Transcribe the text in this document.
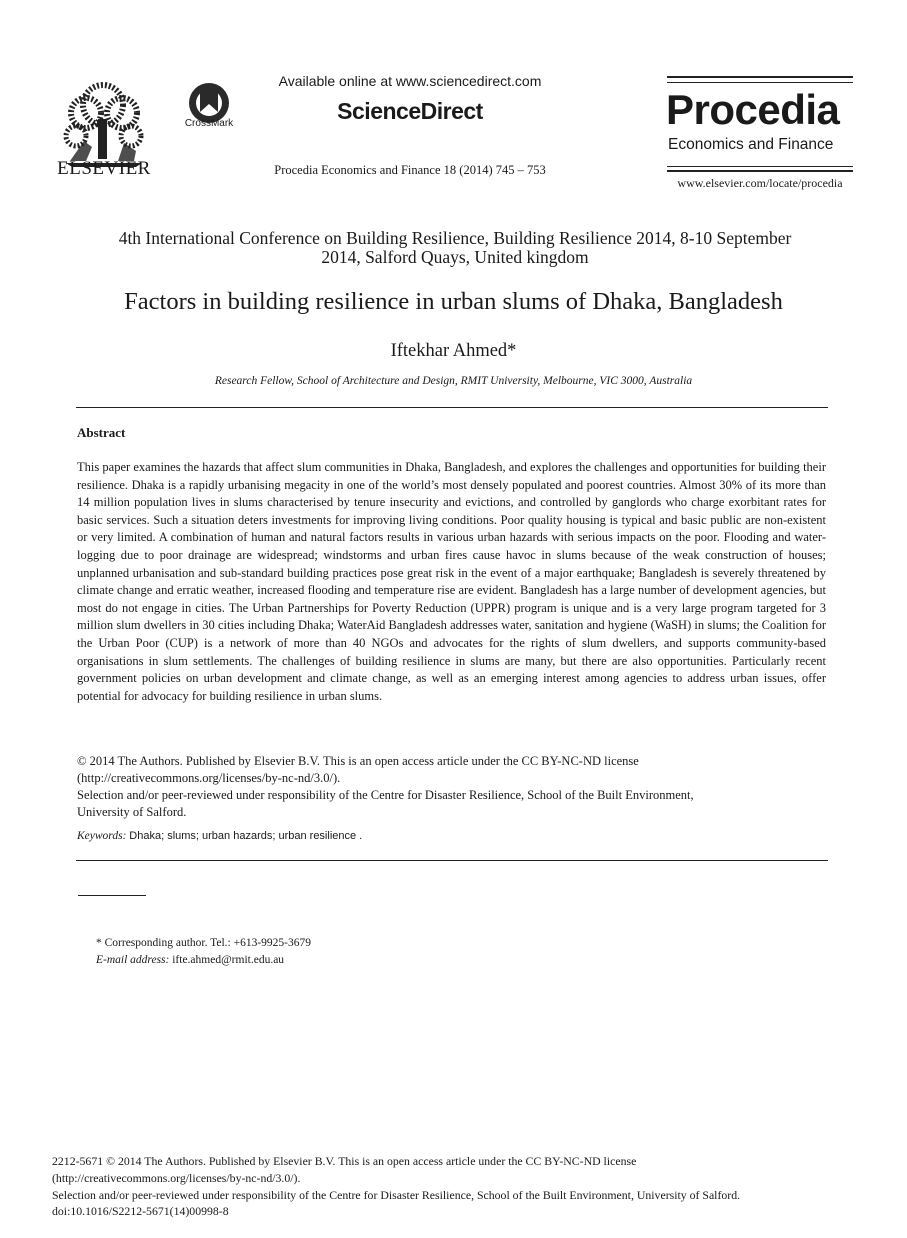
ELSEVIER
CrossMark
Available online at www.sciencedirect.com
ScienceDirect
Procedia Economics and Finance 18 (2014) 745 – 753
Procedia
Economics and Finance
www.elsevier.com/locate/procedia
4th International Conference on Building Resilience, Building Resilience 2014, 8-10 September
2014, Salford Quays, United kingdom
Factors in building resilience in urban slums of Dhaka, Bangladesh
Iftekhar Ahmed*
Research Fellow, School of Architecture and Design, RMIT University, Melbourne, VIC 3000, Australia
Abstract
This paper examines the hazards that affect slum communities in Dhaka, Bangladesh, and explores the challenges and opportunities for building their resilience. Dhaka is a rapidly urbanising megacity in one of the world’s most densely populated and poorest countries. Almost 30% of its more than 14 million population lives in slums characterised by tenure insecurity and evictions, and controlled by ganglords who charge exorbitant rates for basic services. Such a situation deters investments for improving living conditions. Poor quality housing is typical and basic public are non-existent or very limited. A combination of human and natural factors results in various urban hazards with serious impacts on the poor. Flooding and water-logging due to poor drainage are widespread; windstorms and urban fires cause havoc in slums because of the weak construction of houses; unplanned urbanisation and sub-standard building practices pose great risk in the event of a major earthquake; Bangladesh is severely threatened by climate change and erratic weather, increased flooding and temperature rise are evident. Bangladesh has a large number of development agencies, but most do not engage in cities. The Urban Partnerships for Poverty Reduction (UPPR) program is unique and is a very large program targeted for 3 million slum dwellers in 30 cities including Dhaka; WaterAid Bangladesh addresses water, sanitation and hygiene (WaSH) in slums; the Coalition for the Urban Poor (CUP) is a network of more than 40 NGOs and advocates for the rights of slum dwellers, and supports community-based organisations in slum settlements. The challenges of building resilience in slums are many, but there are also opportunities. Particularly recent government policies on urban development and climate change, as well as an emerging interest among agencies to address urban issues, offer potential for advocacy for building resilience in urban slums.
© 2014 The Authors. Published by Elsevier B.V. This is an open access article under the CC BY-NC-ND license
(http://creativecommons.org/licenses/by-nc-nd/3.0/).
Selection and/or peer-reviewed under responsibility of the Centre for Disaster Resilience, School of the Built Environment,
University of Salford.
Keywords: Dhaka; slums; urban hazards; urban resilience .
* Corresponding author. Tel.: +613-9925-3679
E-mail address: ifte.ahmed@rmit.edu.au
2212-5671 © 2014 The Authors. Published by Elsevier B.V. This is an open access article under the CC BY-NC-ND license
(http://creativecommons.org/licenses/by-nc-nd/3.0/).
Selection and/or peer-reviewed under responsibility of the Centre for Disaster Resilience, School of the Built Environment, University of Salford.
doi:10.1016/S2212-5671(14)00998-8
